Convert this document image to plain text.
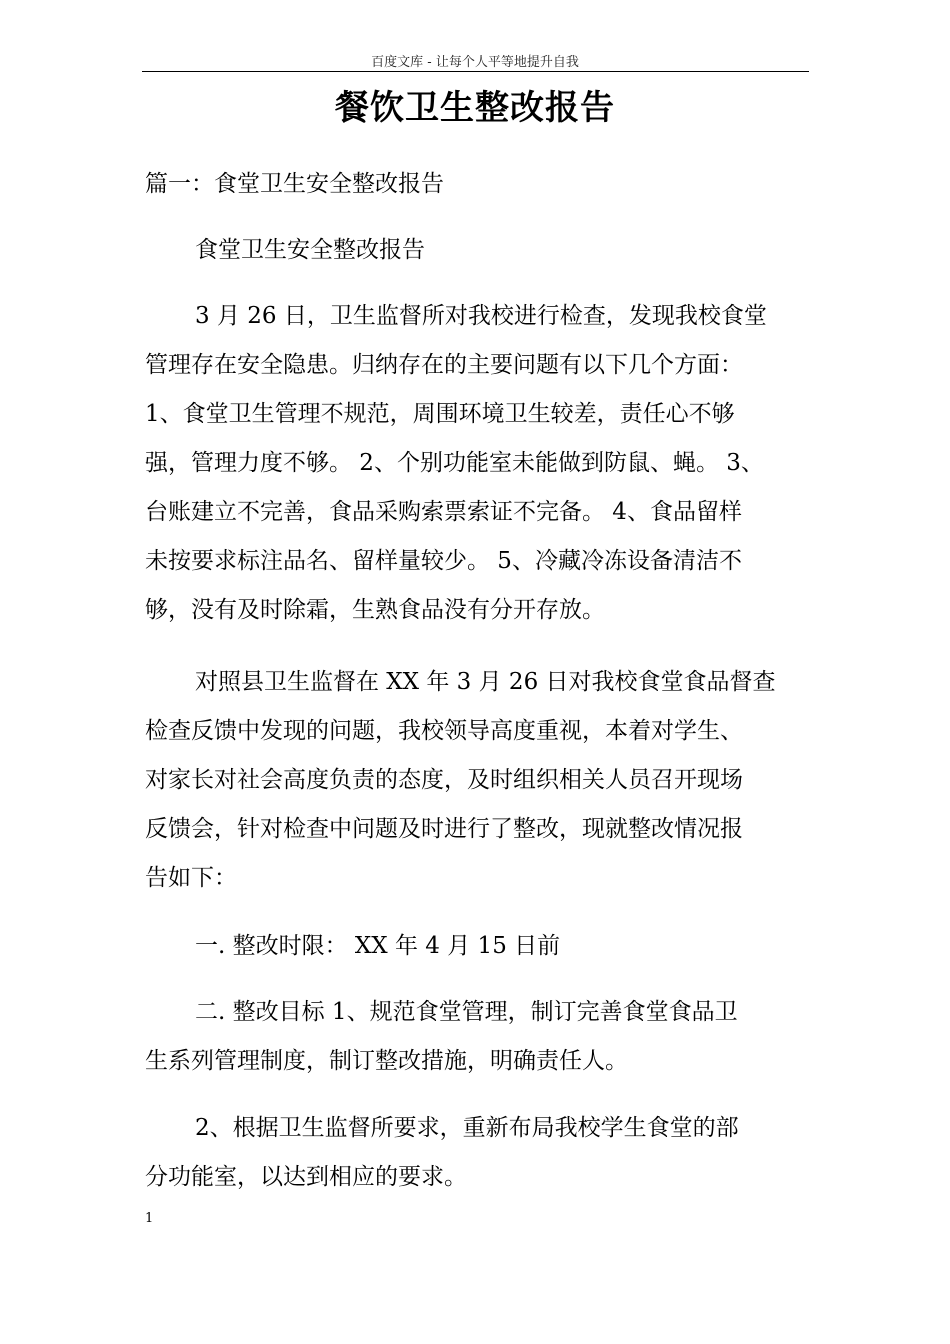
百度文库 - 让每个人平等地提升自我
餐饮卫生整改报告
篇一：食堂卫生安全整改报告
食堂卫生安全整改报告
3 月 26 日，卫生监督所对我校进行检查，发现我校食堂
管理存在安全隐患。归纳存在的主要问题有以下几个方面：
1、食堂卫生管理不规范，周围环境卫生较差，责任心不够
强，管理力度不够。 2、个别功能室未能做到防鼠、蝇。 3、
台账建立不完善，食品采购索票索证不完备。 4、食品留样
未按要求标注品名、留样量较少。 5、冷藏冷冻设备清洁不
够，没有及时除霜，生熟食品没有分开存放。
对照县卫生监督在 XX 年 3 月 26 日对我校食堂食品督查
检查反馈中发现的问题，我校领导高度重视，本着对学生、
对家长对社会高度负责的态度，及时组织相关人员召开现场
反馈会，针对检查中问题及时进行了整改，现就整改情况报
告如下：
一. 整改时限： XX 年 4 月 15 日前
二. 整改目标 1、规范食堂管理，制订完善食堂食品卫
生系列管理制度，制订整改措施，明确责任人。
2、根据卫生监督所要求，重新布局我校学生食堂的部
分功能室，以达到相应的要求。
1
